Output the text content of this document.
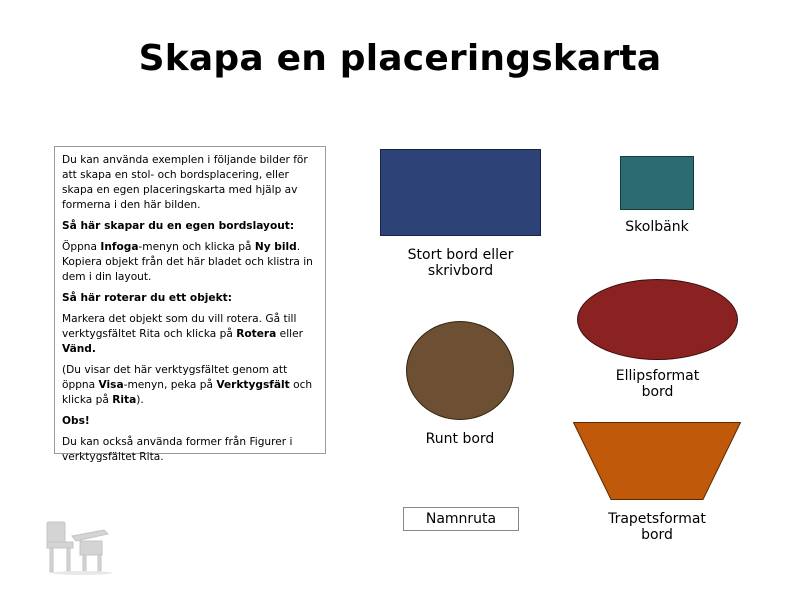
Skapa en placeringskarta

Du kan använda exemplen i följande bilder för att skapa en stol- och bordsplacering, eller skapa en egen placeringskarta med hjälp av formerna i den här bilden.

Så här skapar du en egen bordslayout:

Öppna Infoga-menyn och klicka på Ny bild. Kopiera objekt från det här bladet och klistra in dem i din layout.

Så här roterar du ett objekt:

Markera det objekt som du vill rotera. Gå till verktygsfältet Rita och klicka på Rotera eller Vänd.

(Du visar det här verktygsfältet genom att öppna Visa-menyn, peka på Verktygsfält och klicka på Rita).

Obs!

Du kan också använda former från Figurer i verktygsfältet Rita.

Stort bord eller
skrivbord
Skolbänk
Ellipsformat
bord
Runt bord
Trapetsformat
bord
Namnruta
